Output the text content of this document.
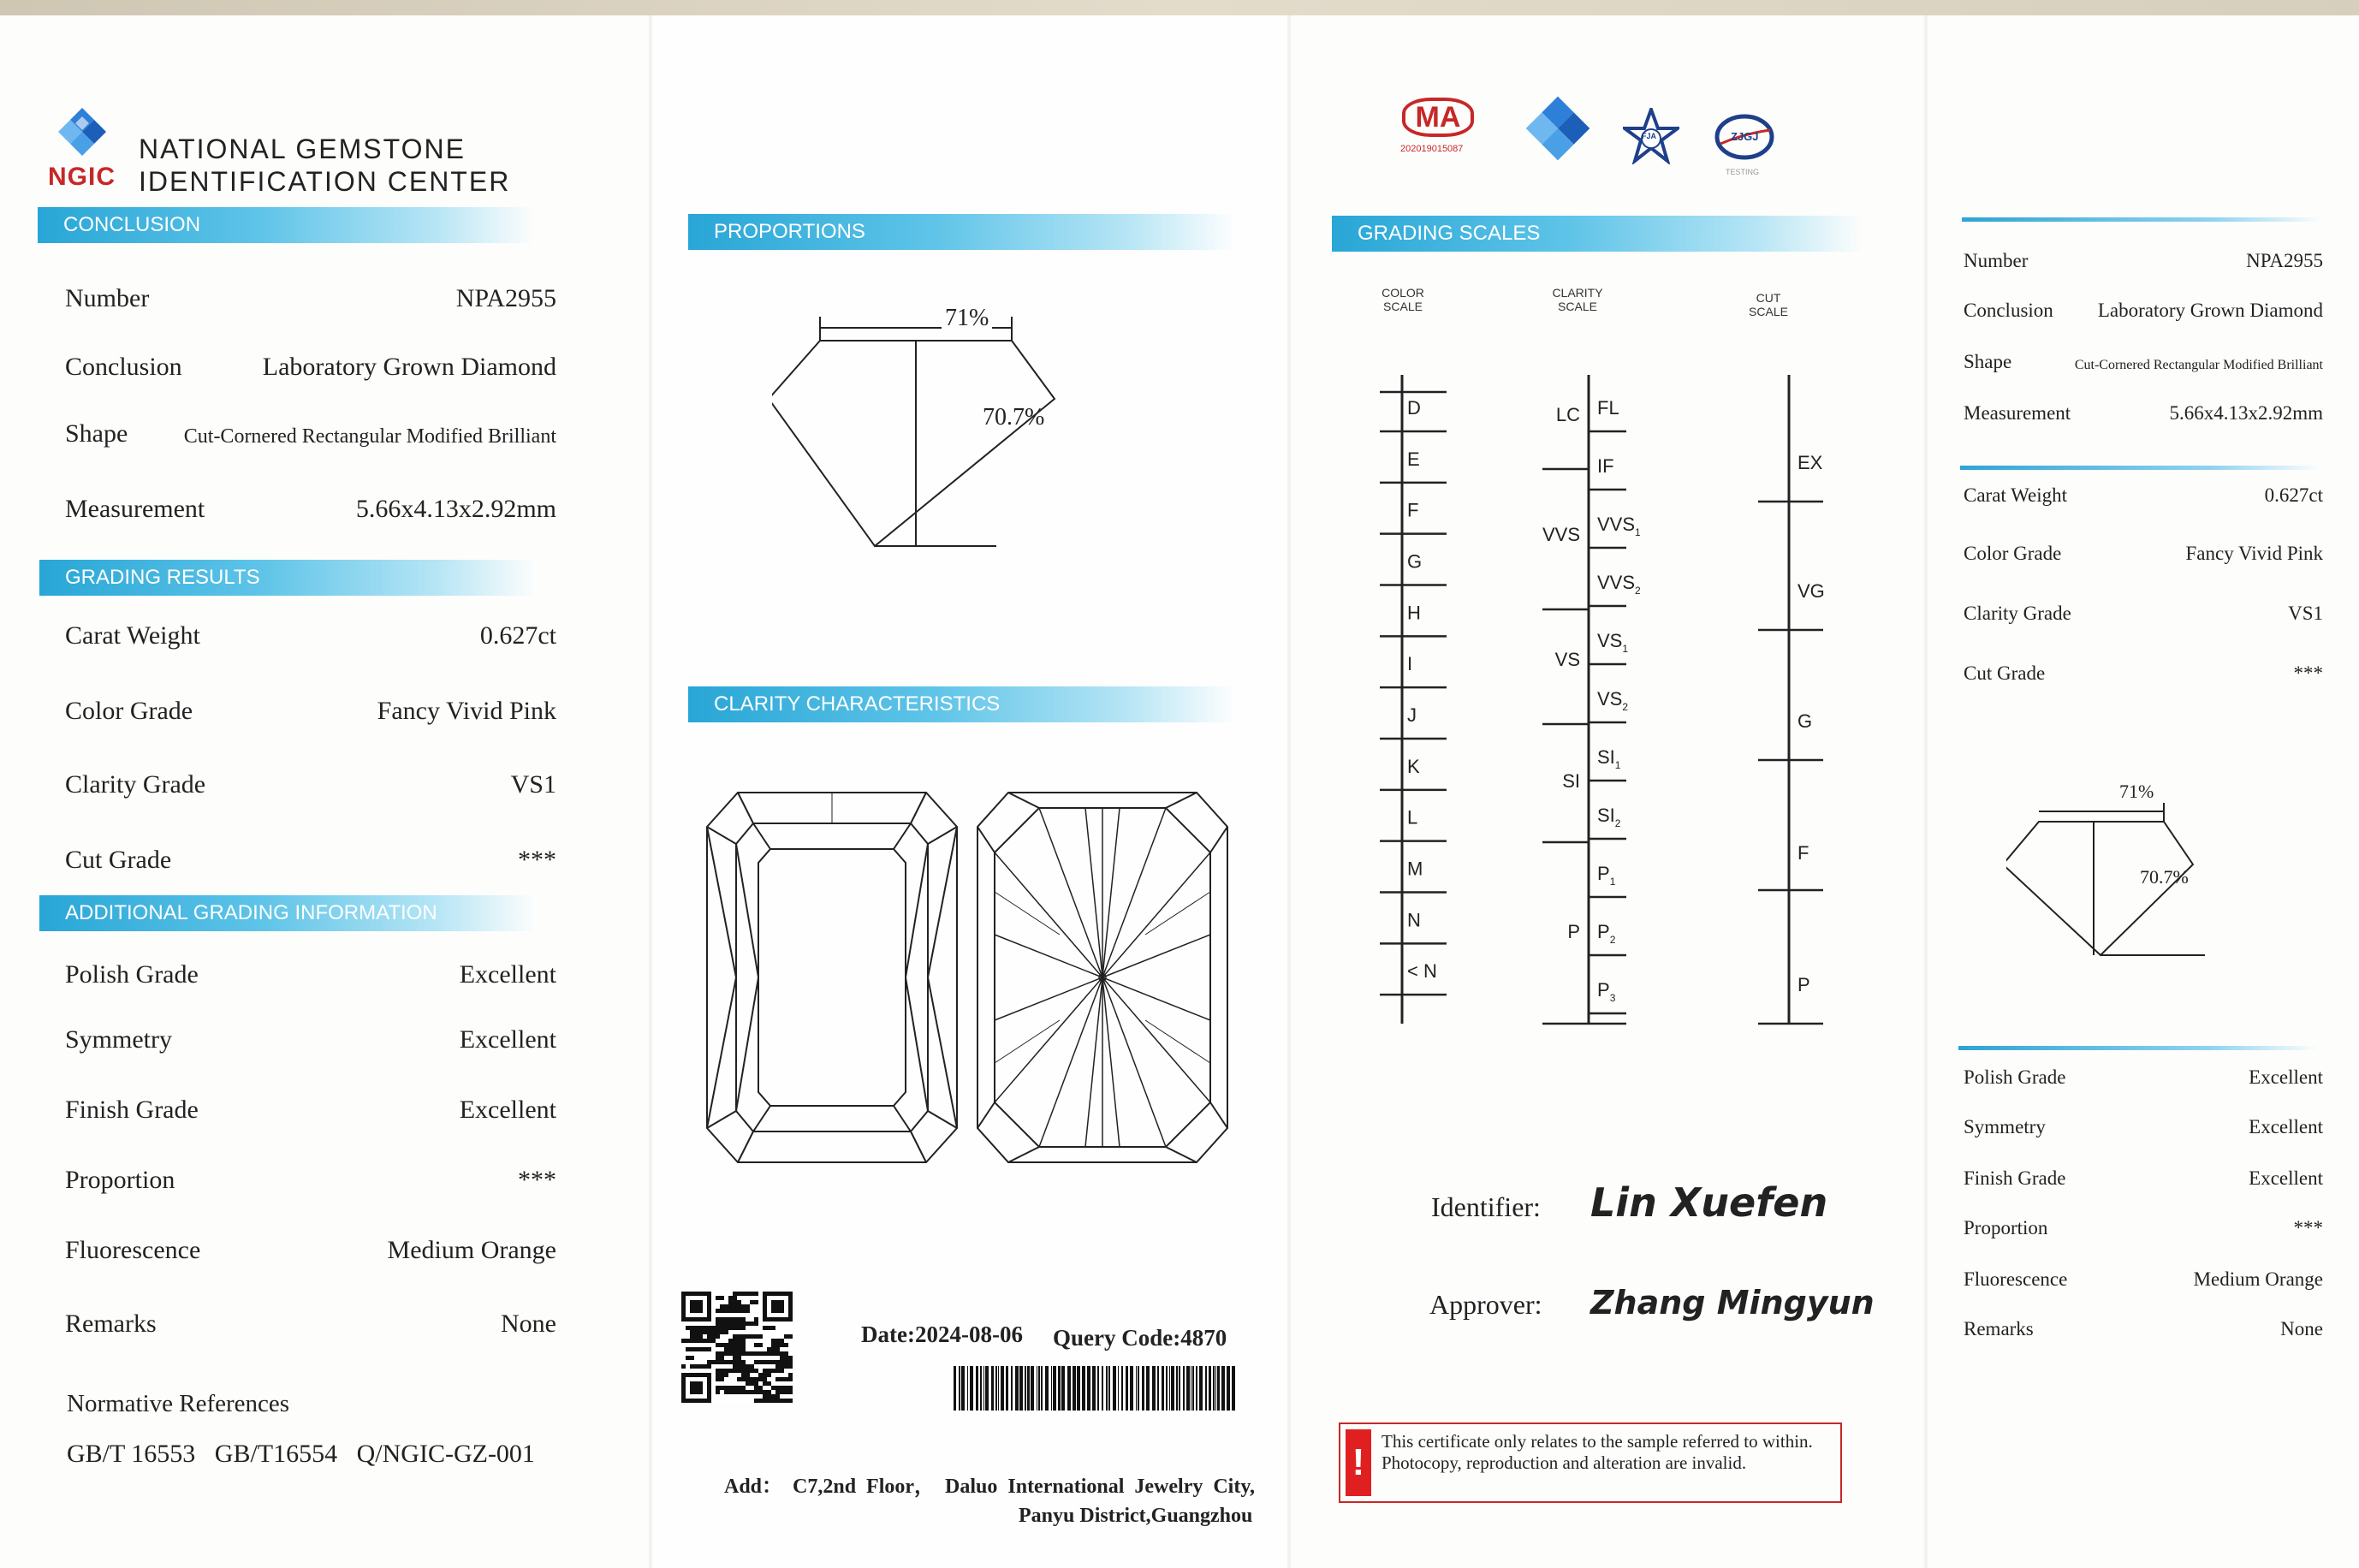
NGIC
NATIONAL GEMSTONE
IDENTIFICATION CENTER
CONCLUSION
Number	NPA2955
Conclusion	Laboratory Grown Diamond
Shape	Cut-Cornered Rectangular Modified Brilliant
Measurement	5.66x4.13x2.92mm
GRADING RESULTS
Carat Weight	0.627ct
Color Grade	Fancy Vivid Pink
Clarity Grade	VS1
Cut Grade	***
ADDITIONAL GRADING INFORMATION
Polish Grade	Excellent
Symmetry	Excellent
Finish Grade	Excellent
Proportion	***
Fluorescence	Medium Orange
Remarks	None
Normative References
GB/T 16553   GB/T16554   Q/NGIC-GZ-001
PROPORTIONS
71%
70.7%
CLARITY CHARACTERISTICS
Date:2024-08-06 Query Code:4870
Add：  C7,2nd  Floor，  Daluo  International  Jewelry  City,
Panyu District,Guangzhou
MA
202019015087
FJA	ZJGJ
TESTING
GRADING SCALES
COLOR
SCALE
CLARITY
SCALE
CUT
SCALE
D
E
F
G
H
I
J
K
L
M
N
< N
FL
IF
$VVS_1$
$VVS_2$
$VS_1$
$VS_2$
$SI_1$
$SI_2$
$P_1$
$P_2$
$P_3$
LC
VVS
VS
SI
P
EX
VG
G
F
P
Identifier: Lin Xuefen
Approver: Zhang Mingyun
! This certificate only relates to the sample referred to within. Photocopy, reproduction and alteration are invalid.
Number	NPA2955
Conclusion Laboratory Grown Diamond
Shape	Cut-Cornered Rectangular Modified Brilliant
Measurement	5.66x4.13x2.92mm
Carat Weight	0.627ct
Color Grade	Fancy Vivid Pink
Clarity Grade	VS1
Cut Grade	***
71%
70.7%
Polish Grade	Excellent
Symmetry	Excellent
Finish Grade	Excellent
Proportion	***
Fluorescence	Medium Orange
Remarks	None
